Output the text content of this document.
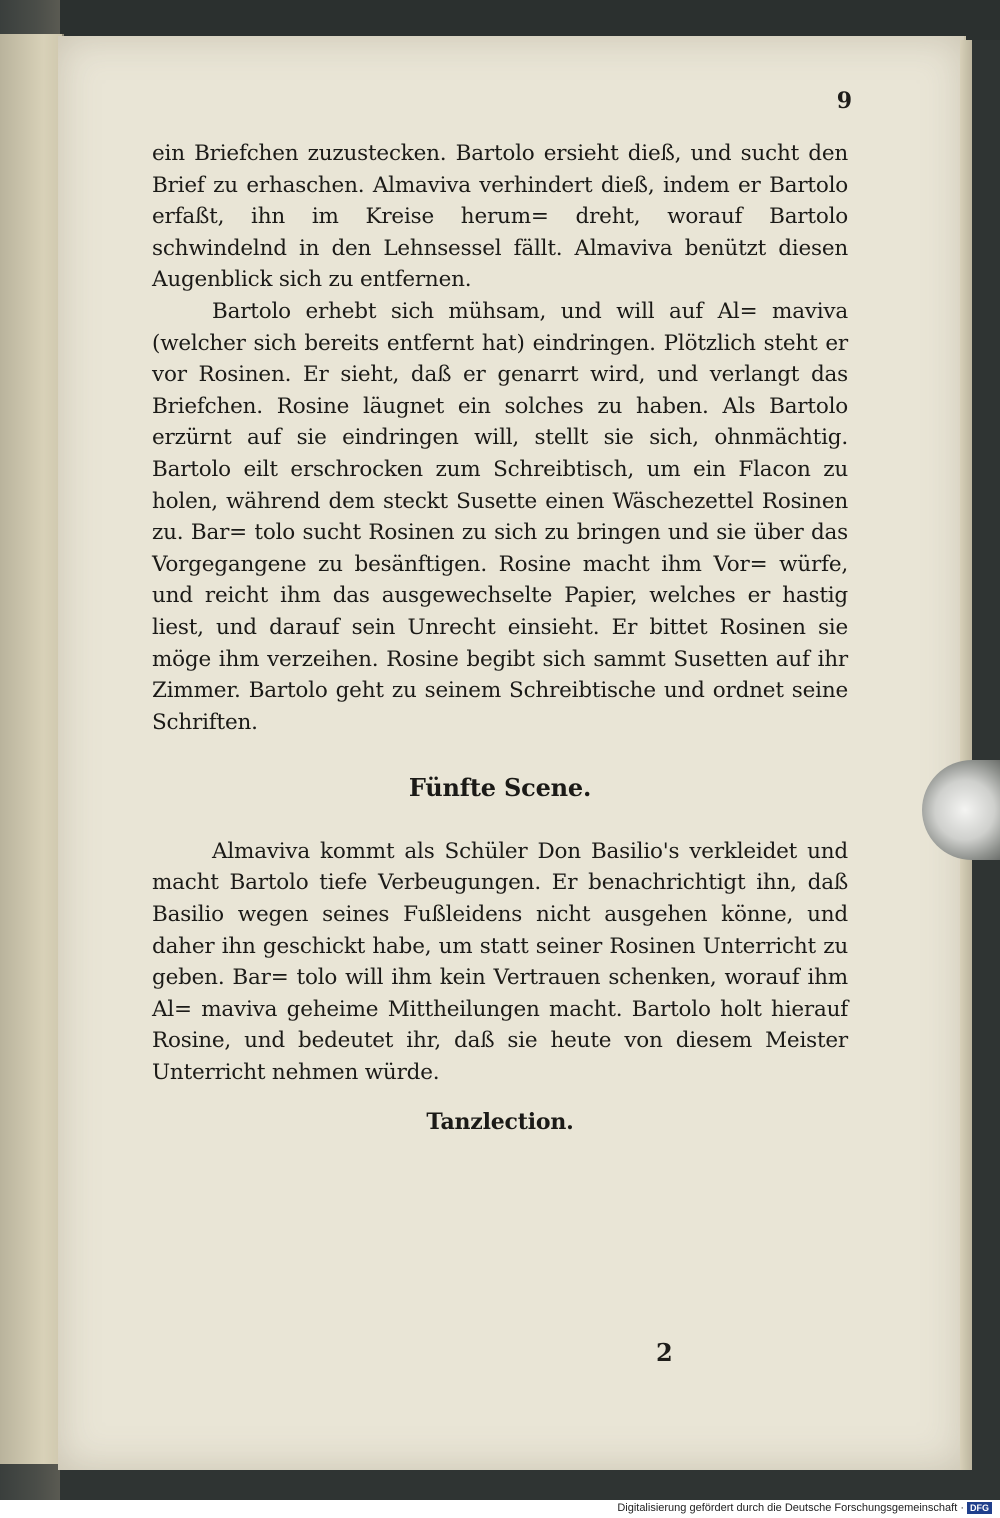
9

ein Briefchen zuzustecken. Bartolo ersieht dieß, und sucht den Brief zu erhaschen. Almaviva verhindert dieß, indem er Bartolo erfaßt, ihn im Kreise herum= dreht, worauf Bartolo schwindelnd in den Lehnsessel fällt. Almaviva benützt diesen Augenblick sich zu entfernen.

Bartolo erhebt sich mühsam, und will auf Al= maviva (welcher sich bereits entfernt hat) eindringen. Plötzlich steht er vor Rosinen. Er sieht, daß er genarrt wird, und verlangt das Briefchen. Rosine läugnet ein solches zu haben. Als Bartolo erzürnt auf sie eindringen will, stellt sie sich, ohnmächtig. Bartolo eilt erschrocken zum Schreibtisch, um ein Flacon zu holen, während dem steckt Susette einen Wäschezettel Rosinen zu. Bar= tolo sucht Rosinen zu sich zu bringen und sie über das Vorgegangene zu besänftigen. Rosine macht ihm Vor= würfe, und reicht ihm das ausgewechselte Papier, welches er hastig liest, und darauf sein Unrecht einsieht. Er bittet Rosinen sie möge ihm verzeihen. Rosine begibt sich sammt Susetten auf ihr Zimmer. Bartolo geht zu seinem Schreibtische und ordnet seine Schriften.

Fünfte Scene.

Almaviva kommt als Schüler Don Basilio's verkleidet und macht Bartolo tiefe Verbeugungen. Er benachrichtigt ihn, daß Basilio wegen seines Fußleidens nicht ausgehen könne, und daher ihn geschickt habe, um statt seiner Rosinen Unterricht zu geben. Bar= tolo will ihm kein Vertrauen schenken, worauf ihm Al= maviva geheime Mittheilungen macht. Bartolo holt hierauf Rosine, und bedeutet ihr, daß sie heute von diesem Meister Unterricht nehmen würde.

Tanzlection.
2
Digitalisierung gefördert durch die Deutsche Forschungsgemeinschaft · DFG
